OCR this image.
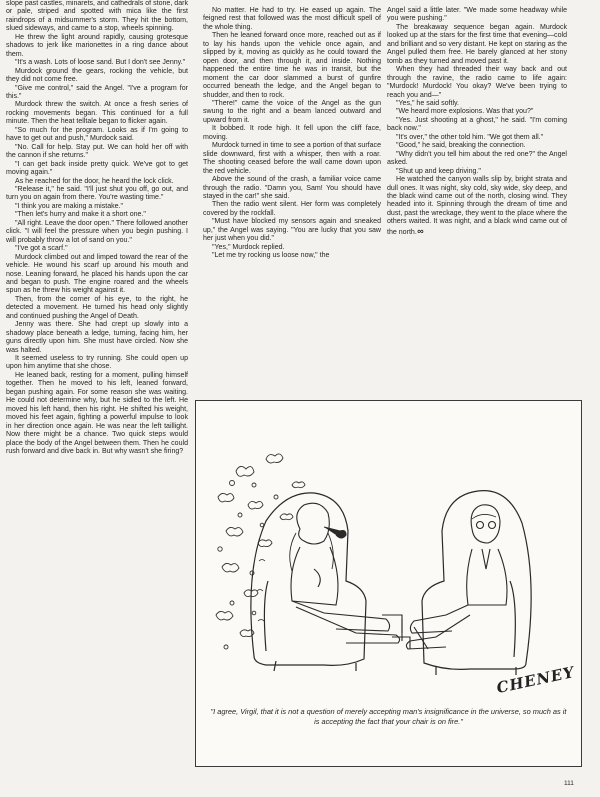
slope past castles, minarets, and cathedrals of stone, dark or pale, striped and spotted with mica like the first raindrops of a midsummer's storm. They hit the bottom, slued sideways, and came to a stop, wheels spinning.

He threw the light around rapidly, causing grotesque shadows to jerk like marionettes in a ring dance about them.

"It's a wash. Lots of loose sand. But I don't see Jenny."

Murdock ground the gears, rocking the vehicle, but they did not come free.

"Give me control," said the Angel. "I've a program for this."

Murdock threw the switch. At once a fresh series of rocking movements began. This continued for a full minute. Then the heat telltale began to flicker again.

"So much for the program. Looks as if I'm going to have to get out and push," Murdock said.

"No. Call for help. Stay put. We can hold her off with the cannon if she returns."

"I can get back inside pretty quick. We've got to get moving again."

As he reached for the door, he heard the lock click.

"Release it," he said. "I'll just shut you off, go out, and turn you on again from there. You're wasting time."

"I think you are making a mistake."

"Then let's hurry and make it a short one."

"All right. Leave the door open." There followed another click. "I will feel the pressure when you begin pushing. I will probably throw a lot of sand on you."

"I've got a scarf."

Murdock climbed out and limped toward the rear of the vehicle. He wound his scarf up around his mouth and nose. Leaning forward, he placed his hands upon the car and began to push. The engine roared and the wheels spun as he threw his weight against it.

Then, from the corner of his eye, to the right, he detected a movement. He turned his head only slightly and continued pushing the Angel of Death.

Jenny was there. She had crept up slowly into a shadowy place beneath a ledge, turning, facing him, her guns directly upon him. She must have circled. Now she was halted.

It seemed useless to try running. She could open up upon him anytime that she chose.

He leaned back, resting for a moment, pulling himself together. Then he moved to his left, leaned forward, began pushing again. For some reason she was waiting. He could not determine why, but he sidled to the left. He moved his left hand, then his right. He shifted his weight, moved his feet again, fighting a powerful impulse to look in her direction once again. He was near the left taillight. Now there might be a chance. Two quick steps would place the body of the Angel between them. Then he could rush forward and dive back in. But why wasn't she firing?

No matter. He had to try. He eased up again. The feigned rest that followed was the most difficult spell of the whole thing.

Then he leaned forward once more, reached out as if to lay his hands upon the vehicle once again, and slipped by it, moving as quickly as he could toward the open door, and then through it, and inside. Nothing happened the entire time he was in transit, but the moment the car door slammed a burst of gunfire occurred beneath the ledge, and the Angel began to shudder, and then to rock.

"There!" came the voice of the Angel as the gun swung to the right and a beam lanced outward and upward from it.

It bobbed. It rode high. It fell upon the cliff face, moving.

Murdock turned in time to see a portion of that surface slide downward, first with a whisper, then with a roar. The shooting ceased before the wall came down upon the red vehicle.

Above the sound of the crash, a familiar voice came through the radio. "Damn you, Sam! You should have stayed in the car!" she said.

Then the radio went silent. Her form was completely covered by the rockfall.

"Must have blocked my sensors again and sneaked up," the Angel was saying. "You are lucky that you saw her just when you did."

"Yes," Murdock replied.

"Let me try rocking us loose now," the

Angel said a little later. "We made some headway while you were pushing."

The breakaway sequence began again. Murdock looked up at the stars for the first time that evening—cold and brilliant and so very distant. He kept on staring as the Angel pulled them free. He barely glanced at her stony tomb as they turned and moved past it.

When they had threaded their way back and out through the ravine, the radio came to life again: "Murdock! Murdock! You okay? We've been trying to reach you and—"

"Yes," he said softly.

"We heard more explosions. Was that you?"

"Yes. Just shooting at a ghost," he said. "I'm coming back now."

"It's over," the other told him. "We got them all."

"Good," he said, breaking the connection.

"Why didn't you tell him about the red one?" the Angel asked.

"Shut up and keep driving."

He watched the canyon walls slip by, bright strata and dull ones. It was night, sky cold, sky wide, sky deep, and the black wind came out of the north, closing wind. They headed into it. Spinning through the dream of time and dust, past the wreckage, they went to the place where the others waited. It was night, and a black wind came out of the north. ∞

CHENEY
"I agree, Virgil, that it is not a question of merely accepting man's insignificance in the universe, so much as it is accepting the fact that your chair is on fire."
111
